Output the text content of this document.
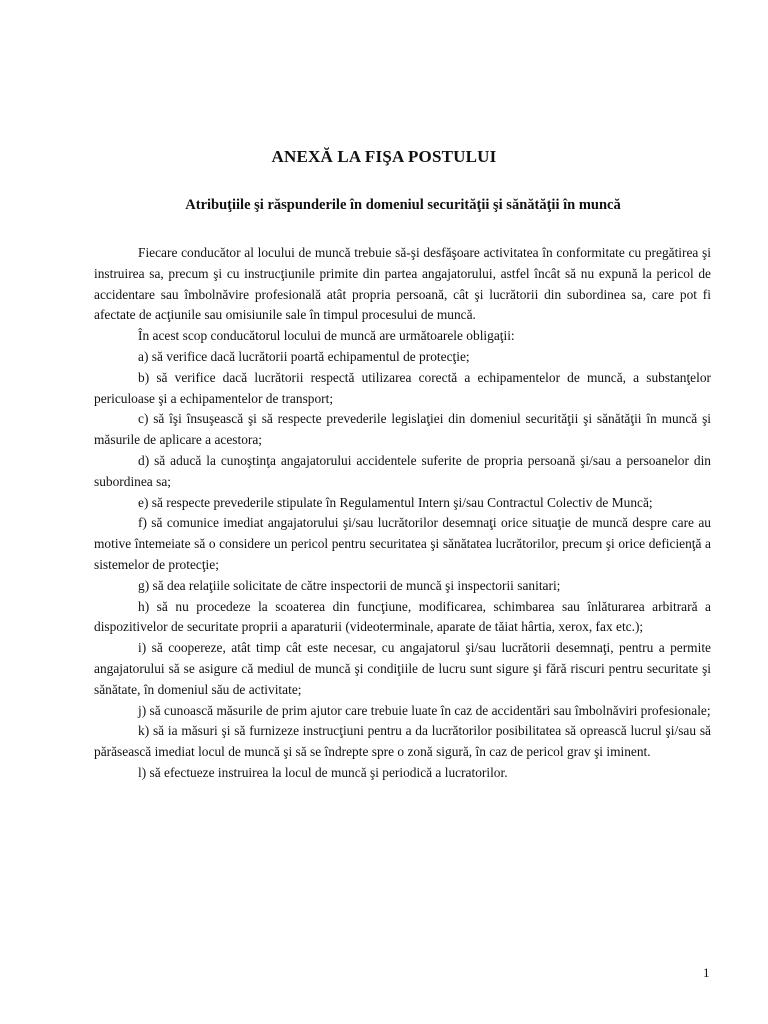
ANEXĂ LA FIŞA POSTULUI
Atribuţiile şi răspunderile în domeniul securităţii şi sănătăţii în muncă

Fiecare conducător al locului de muncă trebuie să-şi desfăşoare activitatea în conformitate cu pregătirea şi instruirea sa, precum şi cu instrucţiunile primite din partea angajatorului, astfel încât să nu expună la pericol de accidentare sau îmbolnăvire profesională atât propria persoană, cât şi lucrătorii din subordinea sa, care pot fi afectate de acţiunile sau omisiunile sale în timpul procesului de muncă.

În acest scop conducătorul locului de muncă are următoarele obligaţii:

a) să verifice dacă lucrătorii poartă echipamentul de protecţie;

b) să verifice dacă lucrătorii respectă utilizarea corectă a echipamentelor de muncă, a substanţelor periculoase şi a echipamentelor de transport;

c) să îşi însuşească şi să respecte prevederile legislaţiei din domeniul securităţii şi sănătăţii în muncă şi măsurile de aplicare a acestora;

d) să aducă la cunoştinţa angajatorului accidentele suferite de propria persoană şi/sau a persoanelor din subordinea sa;

e) să respecte prevederile stipulate în Regulamentul Intern şi/sau Contractul Colectiv de Muncă;

f) să comunice imediat angajatorului şi/sau lucrătorilor desemnaţi orice situaţie de muncă despre care au motive întemeiate să o considere un pericol pentru securitatea şi sănătatea lucrătorilor, precum şi orice deficienţă a sistemelor de protecţie;

g) să dea relaţiile solicitate de către inspectorii de muncă şi inspectorii sanitari;

h) să nu procedeze la scoaterea din funcţiune, modificarea, schimbarea sau înlăturarea arbitrară a dispozitivelor de securitate proprii a aparaturii (videoterminale, aparate de tăiat hârtia, xerox, fax etc.);

i) să coopereze, atât timp cât este necesar, cu angajatorul şi/sau lucrătorii desemnaţi, pentru a permite angajatorului să se asigure că mediul de muncă şi condiţiile de lucru sunt sigure şi fără riscuri pentru securitate şi sănătate, în domeniul său de activitate;

j) să cunoască măsurile de prim ajutor care trebuie luate în caz de accidentări sau îmbolnăviri profesionale;

k) să ia măsuri şi să furnizeze instrucţiuni pentru a da lucrătorilor posibilitatea să oprească lucrul şi/sau să părăsească imediat locul de muncă şi să se îndrepte spre o zonă sigură, în caz de pericol grav şi iminent.

l) să efectueze instruirea la locul de muncă şi periodică a lucratorilor.

1
